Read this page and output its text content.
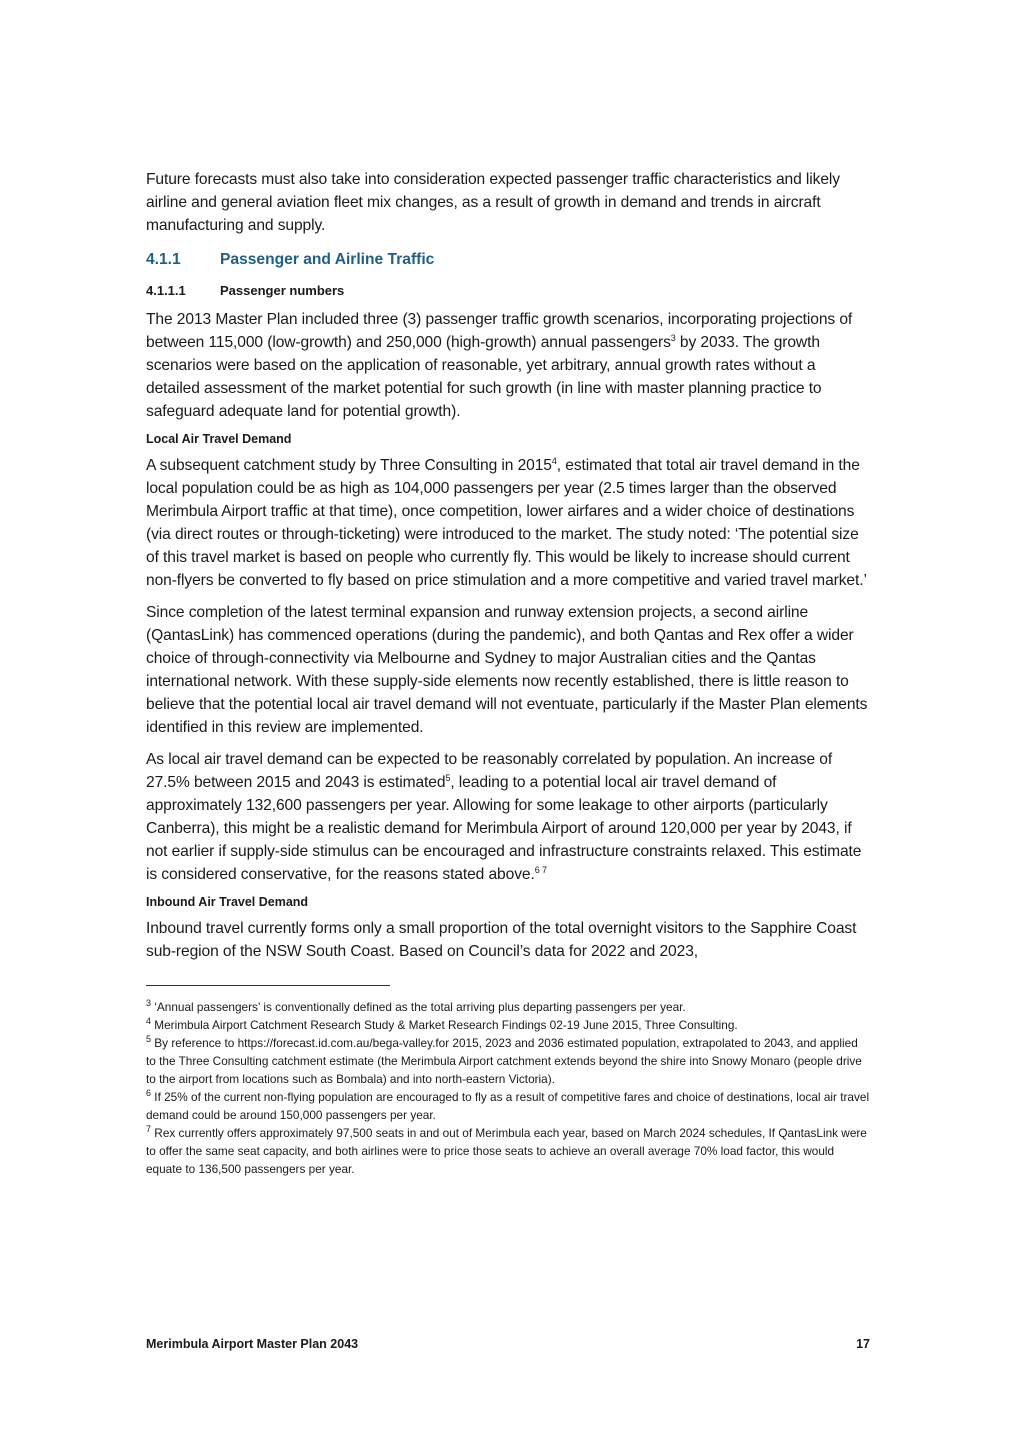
Future forecasts must also take into consideration expected passenger traffic characteristics and likely airline and general aviation fleet mix changes, as a result of growth in demand and trends in aircraft manufacturing and supply.

4.1.1	Passenger and Airline Traffic
4.1.1.1	Passenger numbers

The 2013 Master Plan included three (3) passenger traffic growth scenarios, incorporating projections of between 115,000 (low-growth) and 250,000 (high-growth) annual passengers$^3$ by 2033. The growth scenarios were based on the application of reasonable, yet arbitrary, annual growth rates without a detailed assessment of the market potential for such growth (in line with master planning practice to safeguard adequate land for potential growth).

Local Air Travel Demand

A subsequent catchment study by Three Consulting in 2015$^4$, estimated that total air travel demand in the local population could be as high as 104,000 passengers per year (2.5 times larger than the observed Merimbula Airport traffic at that time), once competition, lower airfares and a wider choice of destinations (via direct routes or through-ticketing) were introduced to the market. The study noted: ‘The potential size of this travel market is based on people who currently fly. This would be likely to increase should current non-flyers be converted to fly based on price stimulation and a more competitive and varied travel market.’

Since completion of the latest terminal expansion and runway extension projects, a second airline (QantasLink) has commenced operations (during the pandemic), and both Qantas and Rex offer a wider choice of through-connectivity via Melbourne and Sydney to major Australian cities and the Qantas international network. With these supply-side elements now recently established, there is little reason to believe that the potential local air travel demand will not eventuate, particularly if the Master Plan elements identified in this review are implemented.

As local air travel demand can be expected to be reasonably correlated by population. An increase of 27.5% between 2015 and 2043 is estimated$^5$, leading to a potential local air travel demand of approximately 132,600 passengers per year. Allowing for some leakage to other airports (particularly Canberra), this might be a realistic demand for Merimbula Airport of around 120,000 per year by 2043, if not earlier if supply-side stimulus can be encouraged and infrastructure constraints relaxed. This estimate is considered conservative, for the reasons stated above.$^{6 7}$

Inbound Air Travel Demand

Inbound travel currently forms only a small proportion of the total overnight visitors to the Sapphire Coast sub-region of the NSW South Coast. Based on Council’s data for 2022 and 2023,

$^3$ ‘Annual passengers’ is conventionally defined as the total arriving plus departing passengers per year.

$^4$ Merimbula Airport Catchment Research Study & Market Research Findings 02-19 June 2015, Three Consulting.

$^5$ By reference to https://forecast.id.com.au/bega-valley.for 2015, 2023 and 2036 estimated population, extrapolated to 2043, and applied to the Three Consulting catchment estimate (the Merimbula Airport catchment extends beyond the shire into Snowy Monaro (people drive to the airport from locations such as Bombala) and into north-eastern Victoria).

$^6$ If 25% of the current non-flying population are encouraged to fly as a result of competitive fares and choice of destinations, local air travel demand could be around 150,000 passengers per year.

$^7$ Rex currently offers approximately 97,500 seats in and out of Merimbula each year, based on March 2024 schedules, If QantasLink were to offer the same seat capacity, and both airlines were to price those seats to achieve an overall average 70% load factor, this would equate to 136,500 passengers per year.

Merimbula Airport Master Plan 2043	17
